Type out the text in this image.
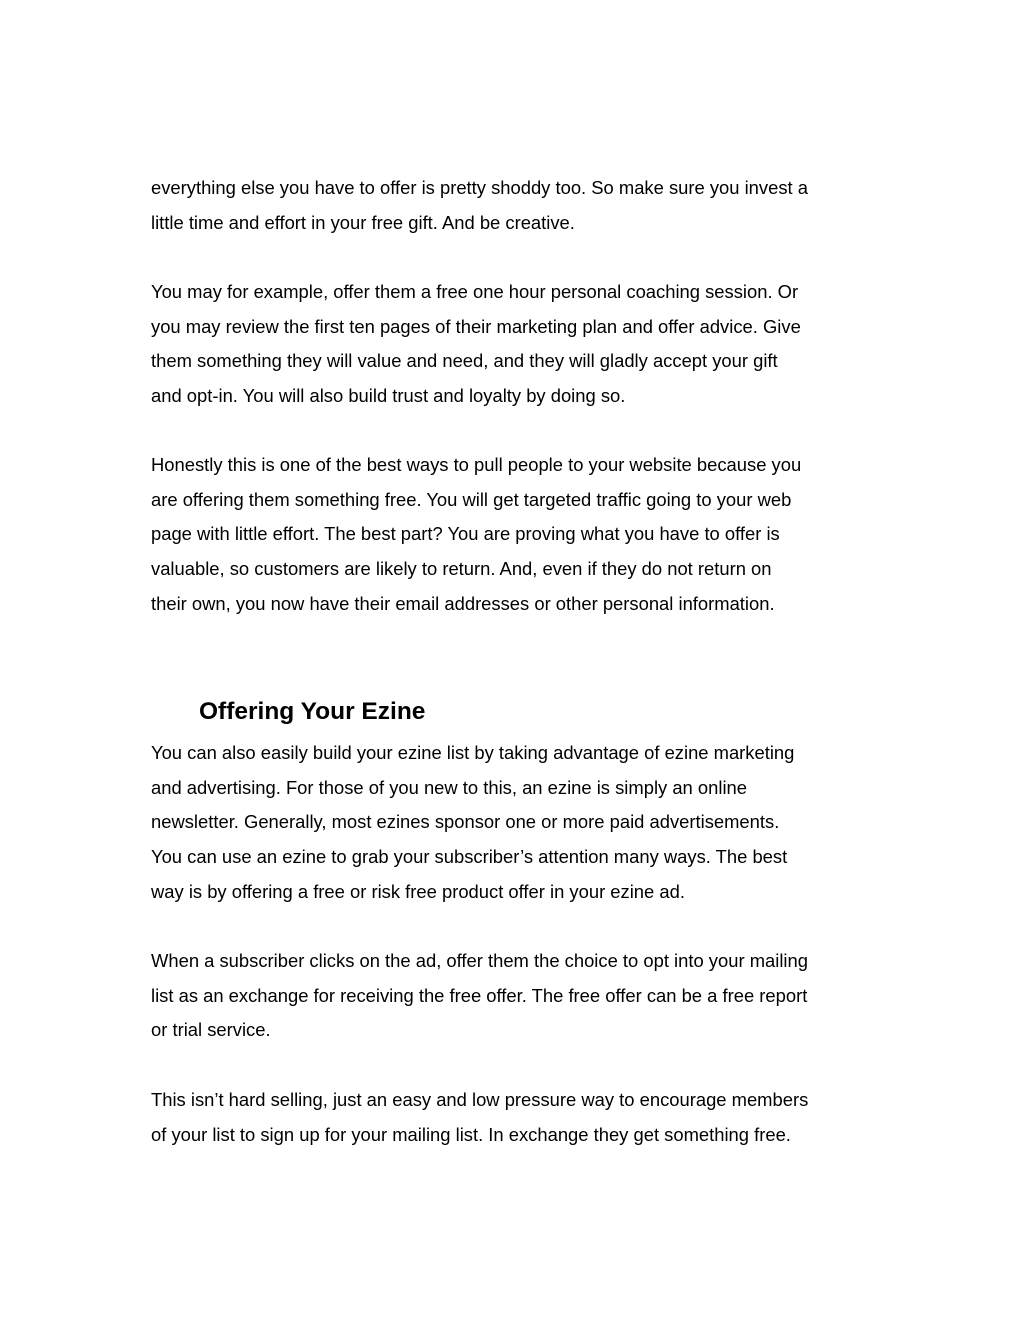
everything else you have to offer is pretty shoddy too. So make sure you invest a
little time and effort in your free gift. And be creative.

You may for example, offer them a free one hour personal coaching session. Or
you may review the first ten pages of their marketing plan and offer advice. Give
them something they will value and need, and they will gladly accept your gift
and opt-in. You will also build trust and loyalty by doing so.

Honestly this is one of the best ways to pull people to your website because you
are offering them something free. You will get targeted traffic going to your web
page with little effort. The best part? You are proving what you have to offer is
valuable, so customers are likely to return. And, even if they do not return on
their own, you now have their email addresses or other personal information.

Offering Your Ezine

You can also easily build your ezine list by taking advantage of ezine marketing
and advertising. For those of you new to this, an ezine is simply an online
newsletter. Generally, most ezines sponsor one or more paid advertisements.
You can use an ezine to grab your subscriber’s attention many ways. The best
way is by offering a free or risk free product offer in your ezine ad.

When a subscriber clicks on the ad, offer them the choice to opt into your mailing
list as an exchange for receiving the free offer. The free offer can be a free report
or trial service.

This isn’t hard selling, just an easy and low pressure way to encourage members
of your list to sign up for your mailing list. In exchange they get something free.
